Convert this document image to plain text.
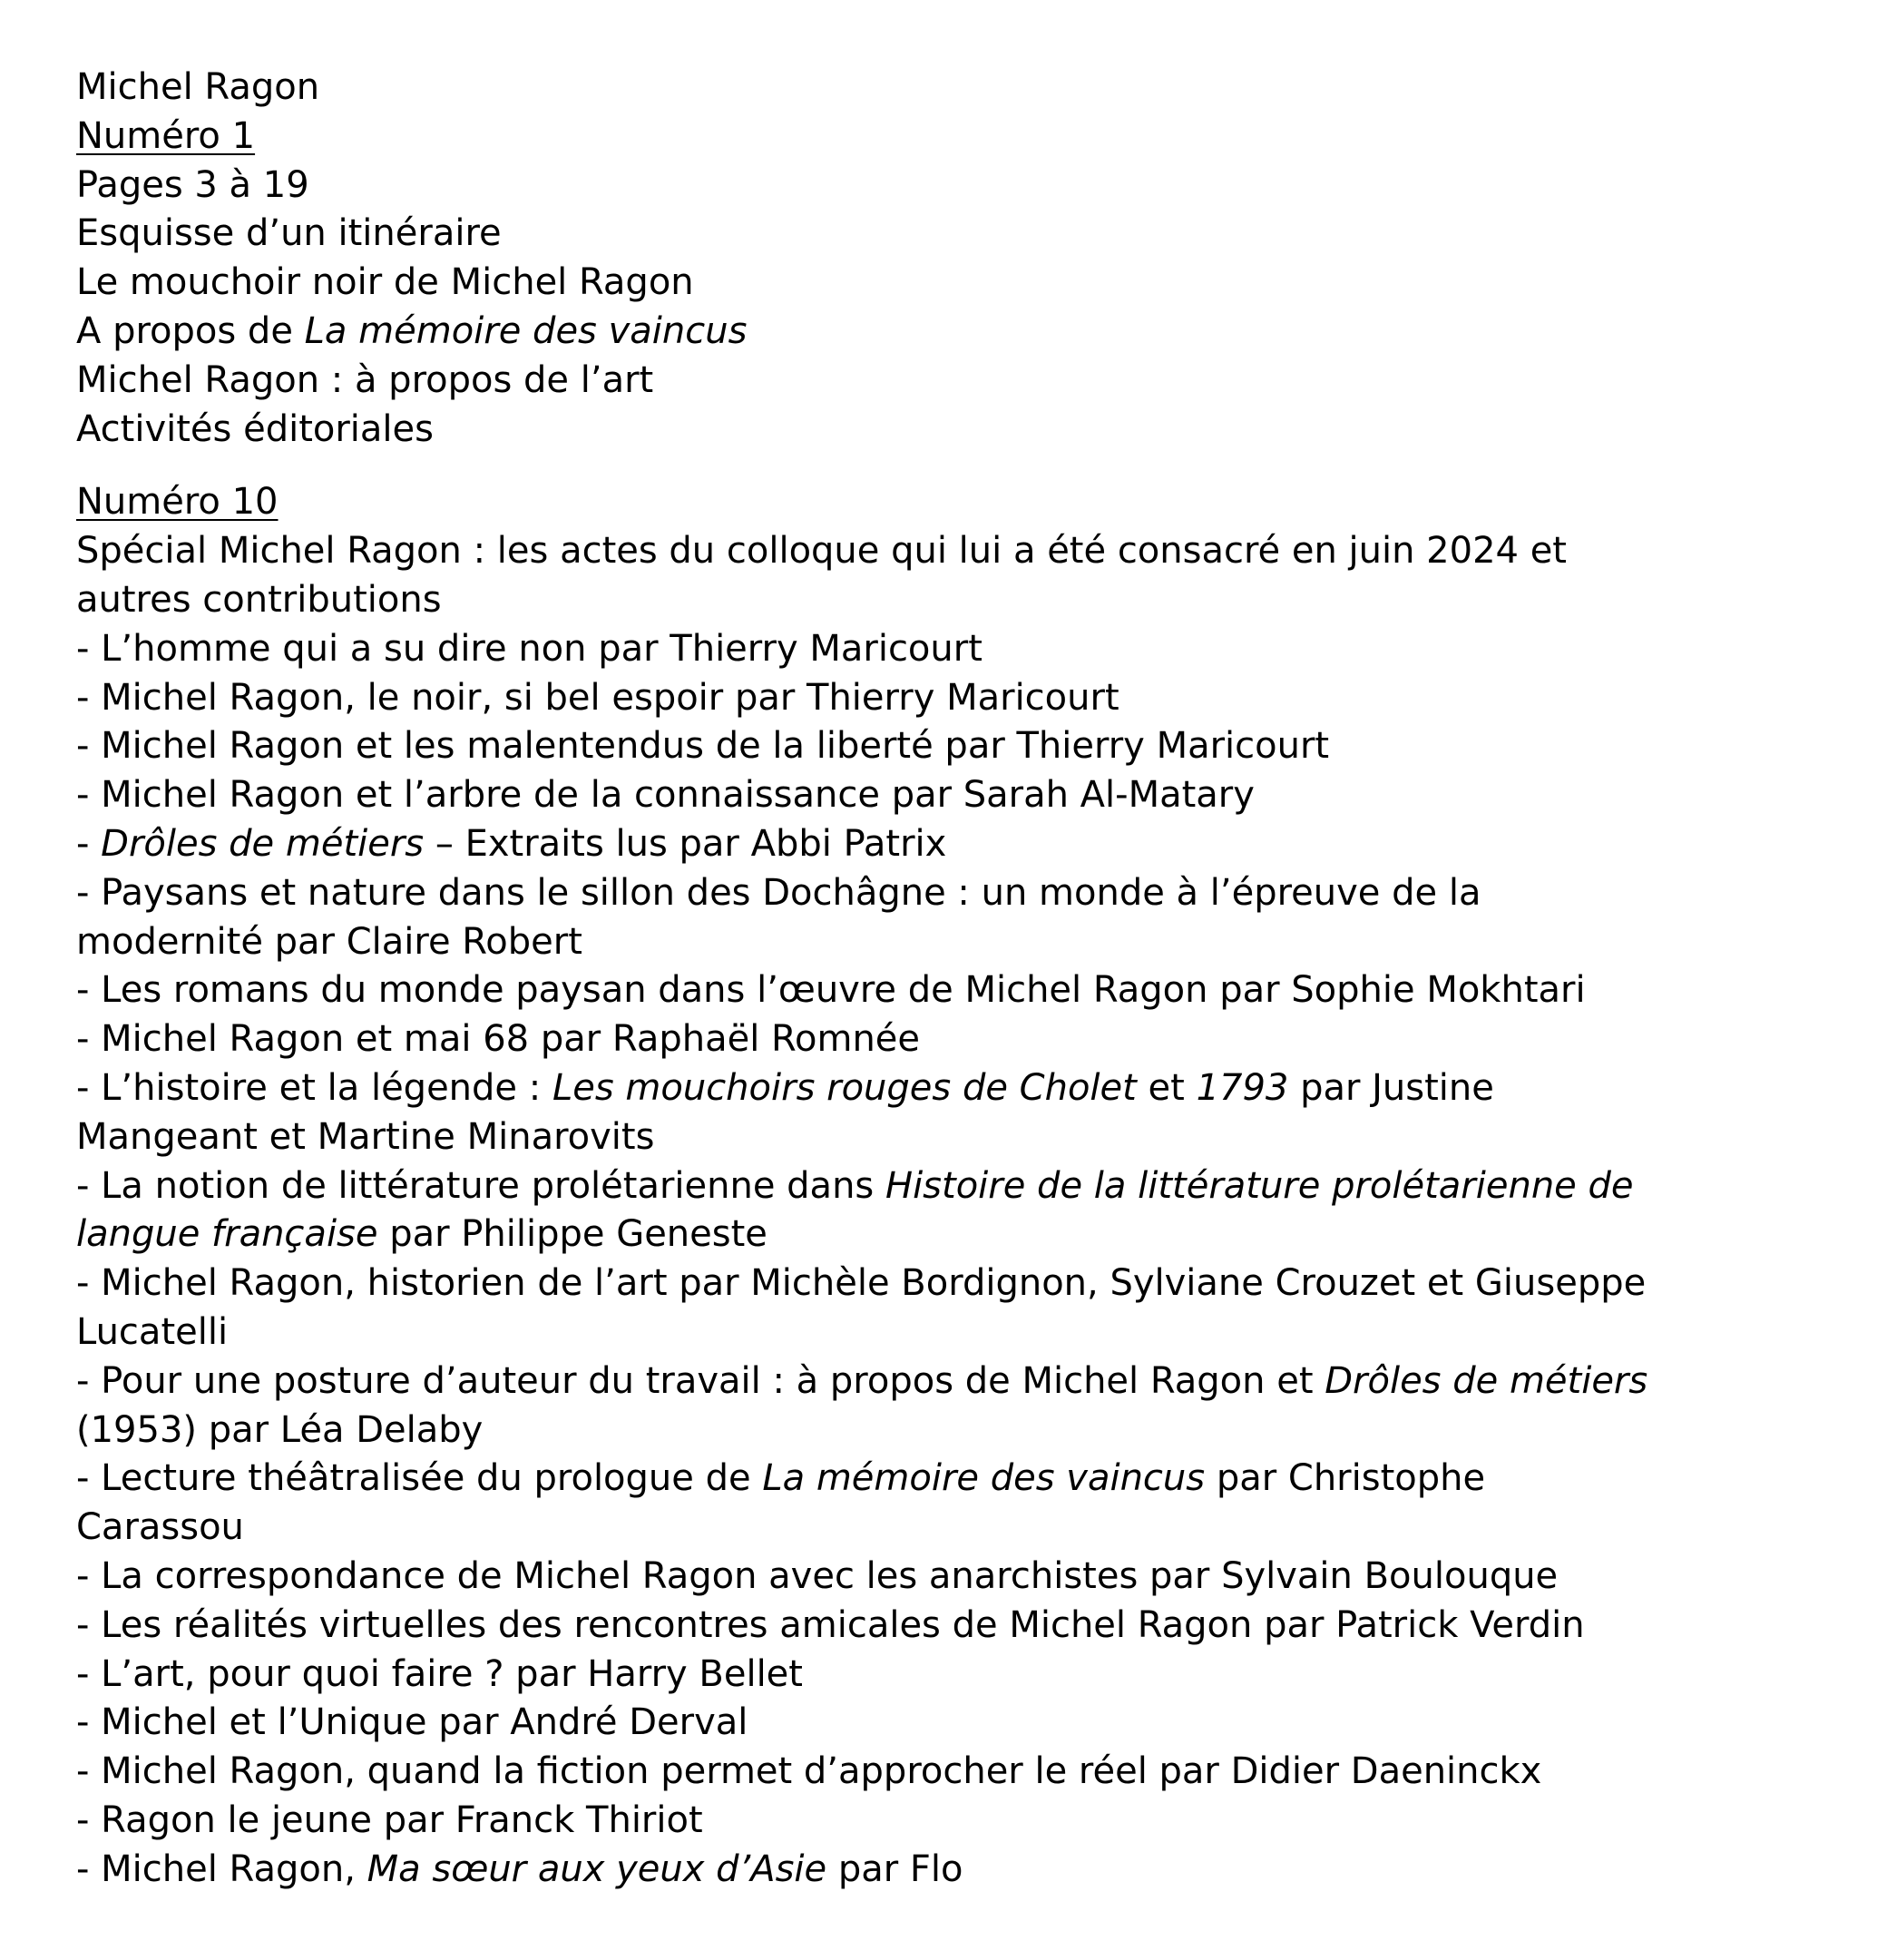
Michel Ragon
Numéro 1
Pages 3 à 19
Esquisse d’un itinéraire
Le mouchoir noir de Michel Ragon
A propos de La mémoire des vaincus
Michel Ragon : à propos de l’art
Activités éditoriales
Numéro 10
Spécial Michel Ragon : les actes du colloque qui lui a été consacré en juin 2024 et
autres contributions
- L’homme qui a su dire non par Thierry Maricourt
- Michel Ragon, le noir, si bel espoir par Thierry Maricourt
- Michel Ragon et les malentendus de la liberté par Thierry Maricourt
- Michel Ragon et l’arbre de la connaissance par Sarah Al-Matary
- Drôles de métiers – Extraits lus par Abbi Patrix
- Paysans et nature dans le sillon des Dochâgne : un monde à l’épreuve de la
modernité par Claire Robert
- Les romans du monde paysan dans l’œuvre de Michel Ragon par Sophie Mokhtari
- Michel Ragon et mai 68 par Raphaël Romnée
- L’histoire et la légende : Les mouchoirs rouges de Cholet et 1793 par Justine
Mangeant et Martine Minarovits
- La notion de littérature prolétarienne dans Histoire de la littérature prolétarienne de
langue française par Philippe Geneste
- Michel Ragon, historien de l’art par Michèle Bordignon, Sylviane Crouzet et Giuseppe
Lucatelli
- Pour une posture d’auteur du travail : à propos de Michel Ragon et Drôles de métiers
(1953) par Léa Delaby
- Lecture théâtralisée du prologue de La mémoire des vaincus par Christophe
Carassou
- La correspondance de Michel Ragon avec les anarchistes par Sylvain Boulouque
- Les réalités virtuelles des rencontres amicales de Michel Ragon par Patrick Verdin
- L’art, pour quoi faire ? par Harry Bellet
- Michel et l’Unique par André Derval
- Michel Ragon, quand la fiction permet d’approcher le réel par Didier Daeninckx
- Ragon le jeune par Franck Thiriot
- Michel Ragon, Ma sœur aux yeux d’Asie par Flo
